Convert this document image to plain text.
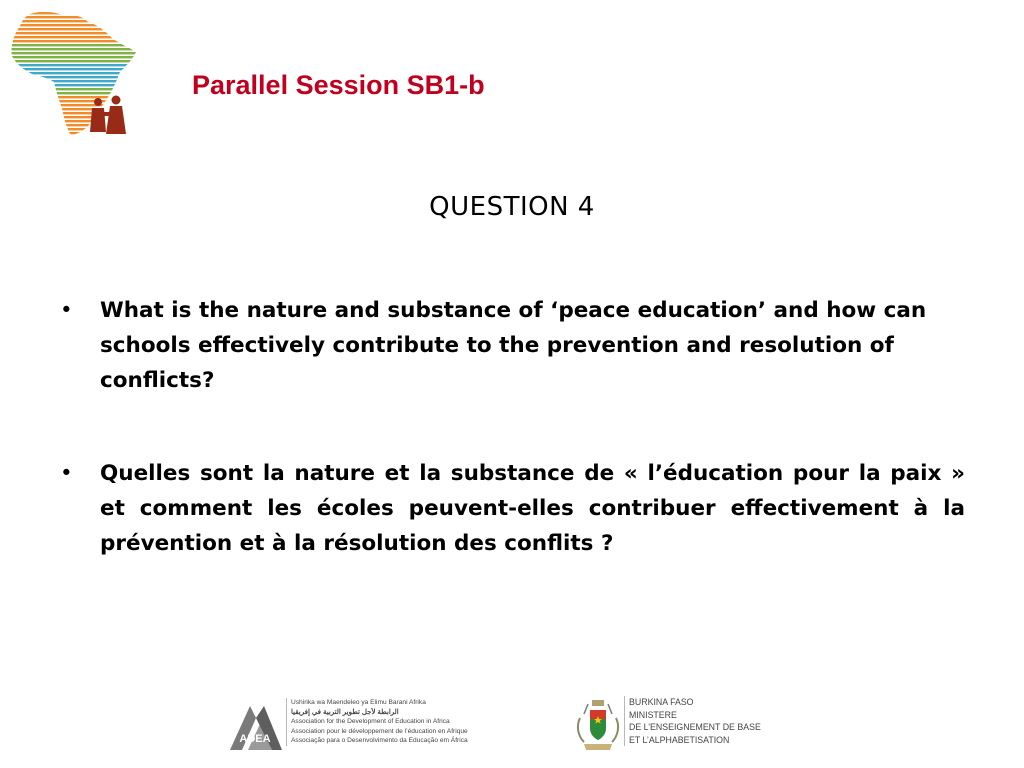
Parallel Session SB1-b
QUESTION 4
• What is the nature and substance of ‘peace education’ and how can schools effectively contribute to the prevention and resolution of conflicts?
• Quelles sont la nature et la substance de « l’éducation pour la paix » et comment les écoles peuvent-elles contribuer effectivement à la prévention et à la résolution des conflits ?
ADEA
Ushirika wa Maendeleo ya Elimu Barani Afrika
الرابطة لأجل تطوير التربية في إفريقيا
Association for the Development of Education in Africa
Association pour le développement de l’éducation en Afrique
Associação para o Desenvolvimento da Educação em África
BURKINA FASO
MINISTERE
DE L’ENSEIGNEMENT DE BASE
ET L’ALPHABETISATION
